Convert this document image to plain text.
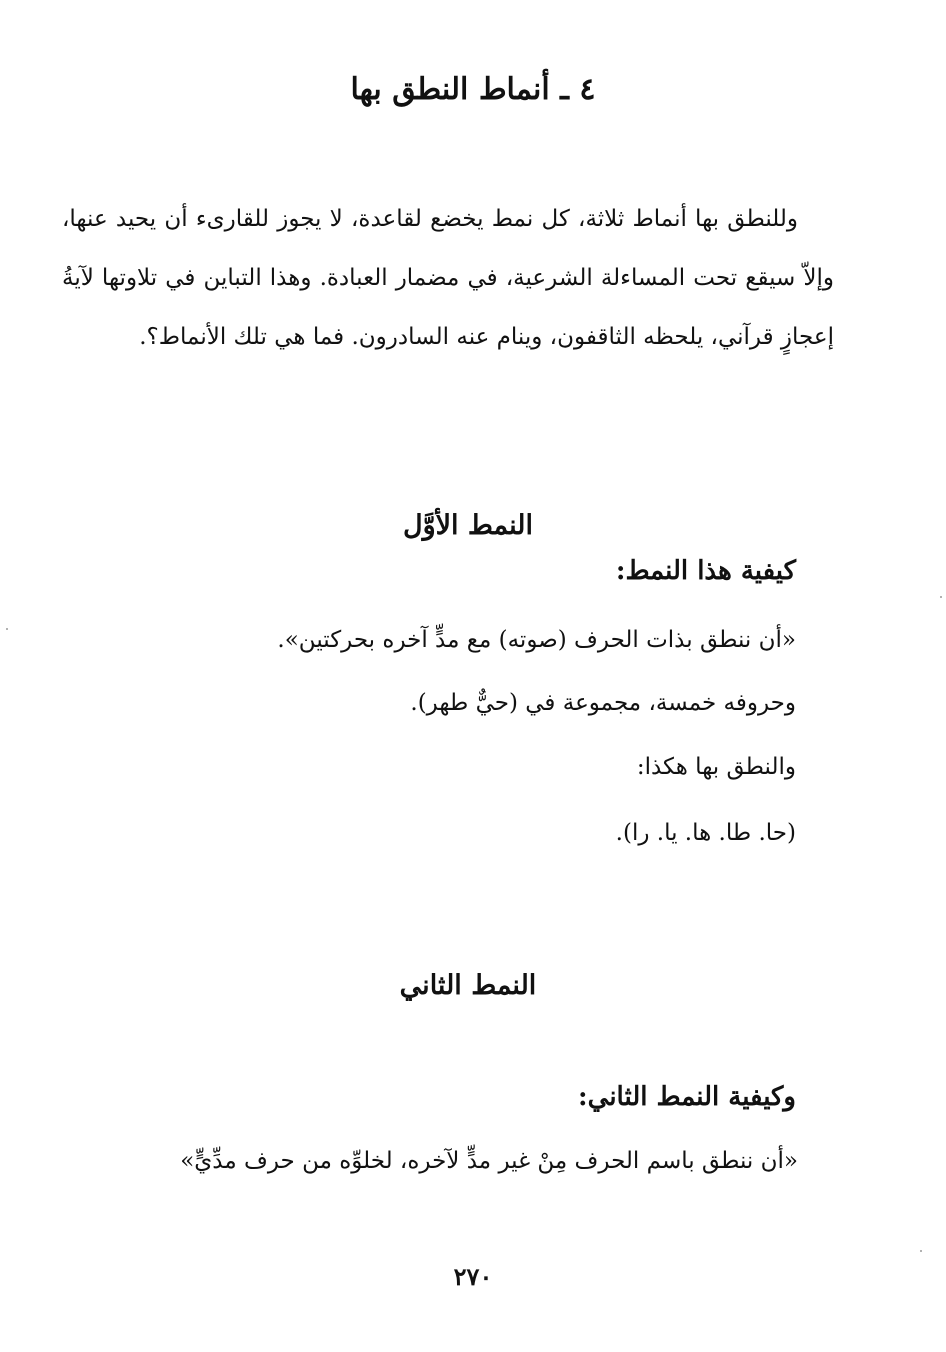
٤ ـ أنماط النطق بها

وللنطق بها أنماط ثلاثة، كل نمط يخضع لقاعدة، لا يجوز للقارىء أن يحيد عنها، وإلاّ سيقع تحت المساءلة الشرعية، في مضمار العبادة. وهذا التباين في تلاوتها لآيةُ إعجازٍ قرآني، يلحظه الثاقفون، وينام عنه السادرون. فما هي تلك الأنماط؟.

النمط الأوَّل

كيفية هذا النمط:

«أن ننطق بذات الحرف (صوته) مع مدٍّ آخره بحركتين».

وحروفه خمسة، مجموعة في (حيٌّ طهر).

والنطق بها هكذا:

(حا. طا. ها. يا. را).

النمط الثاني

وكيفية النمط الثاني:

«أن ننطق باسم الحرف مِنْ غير مدٍّ لآخره، لخلوِّه من حرف مدِّيٍّ»

٢٧٠
